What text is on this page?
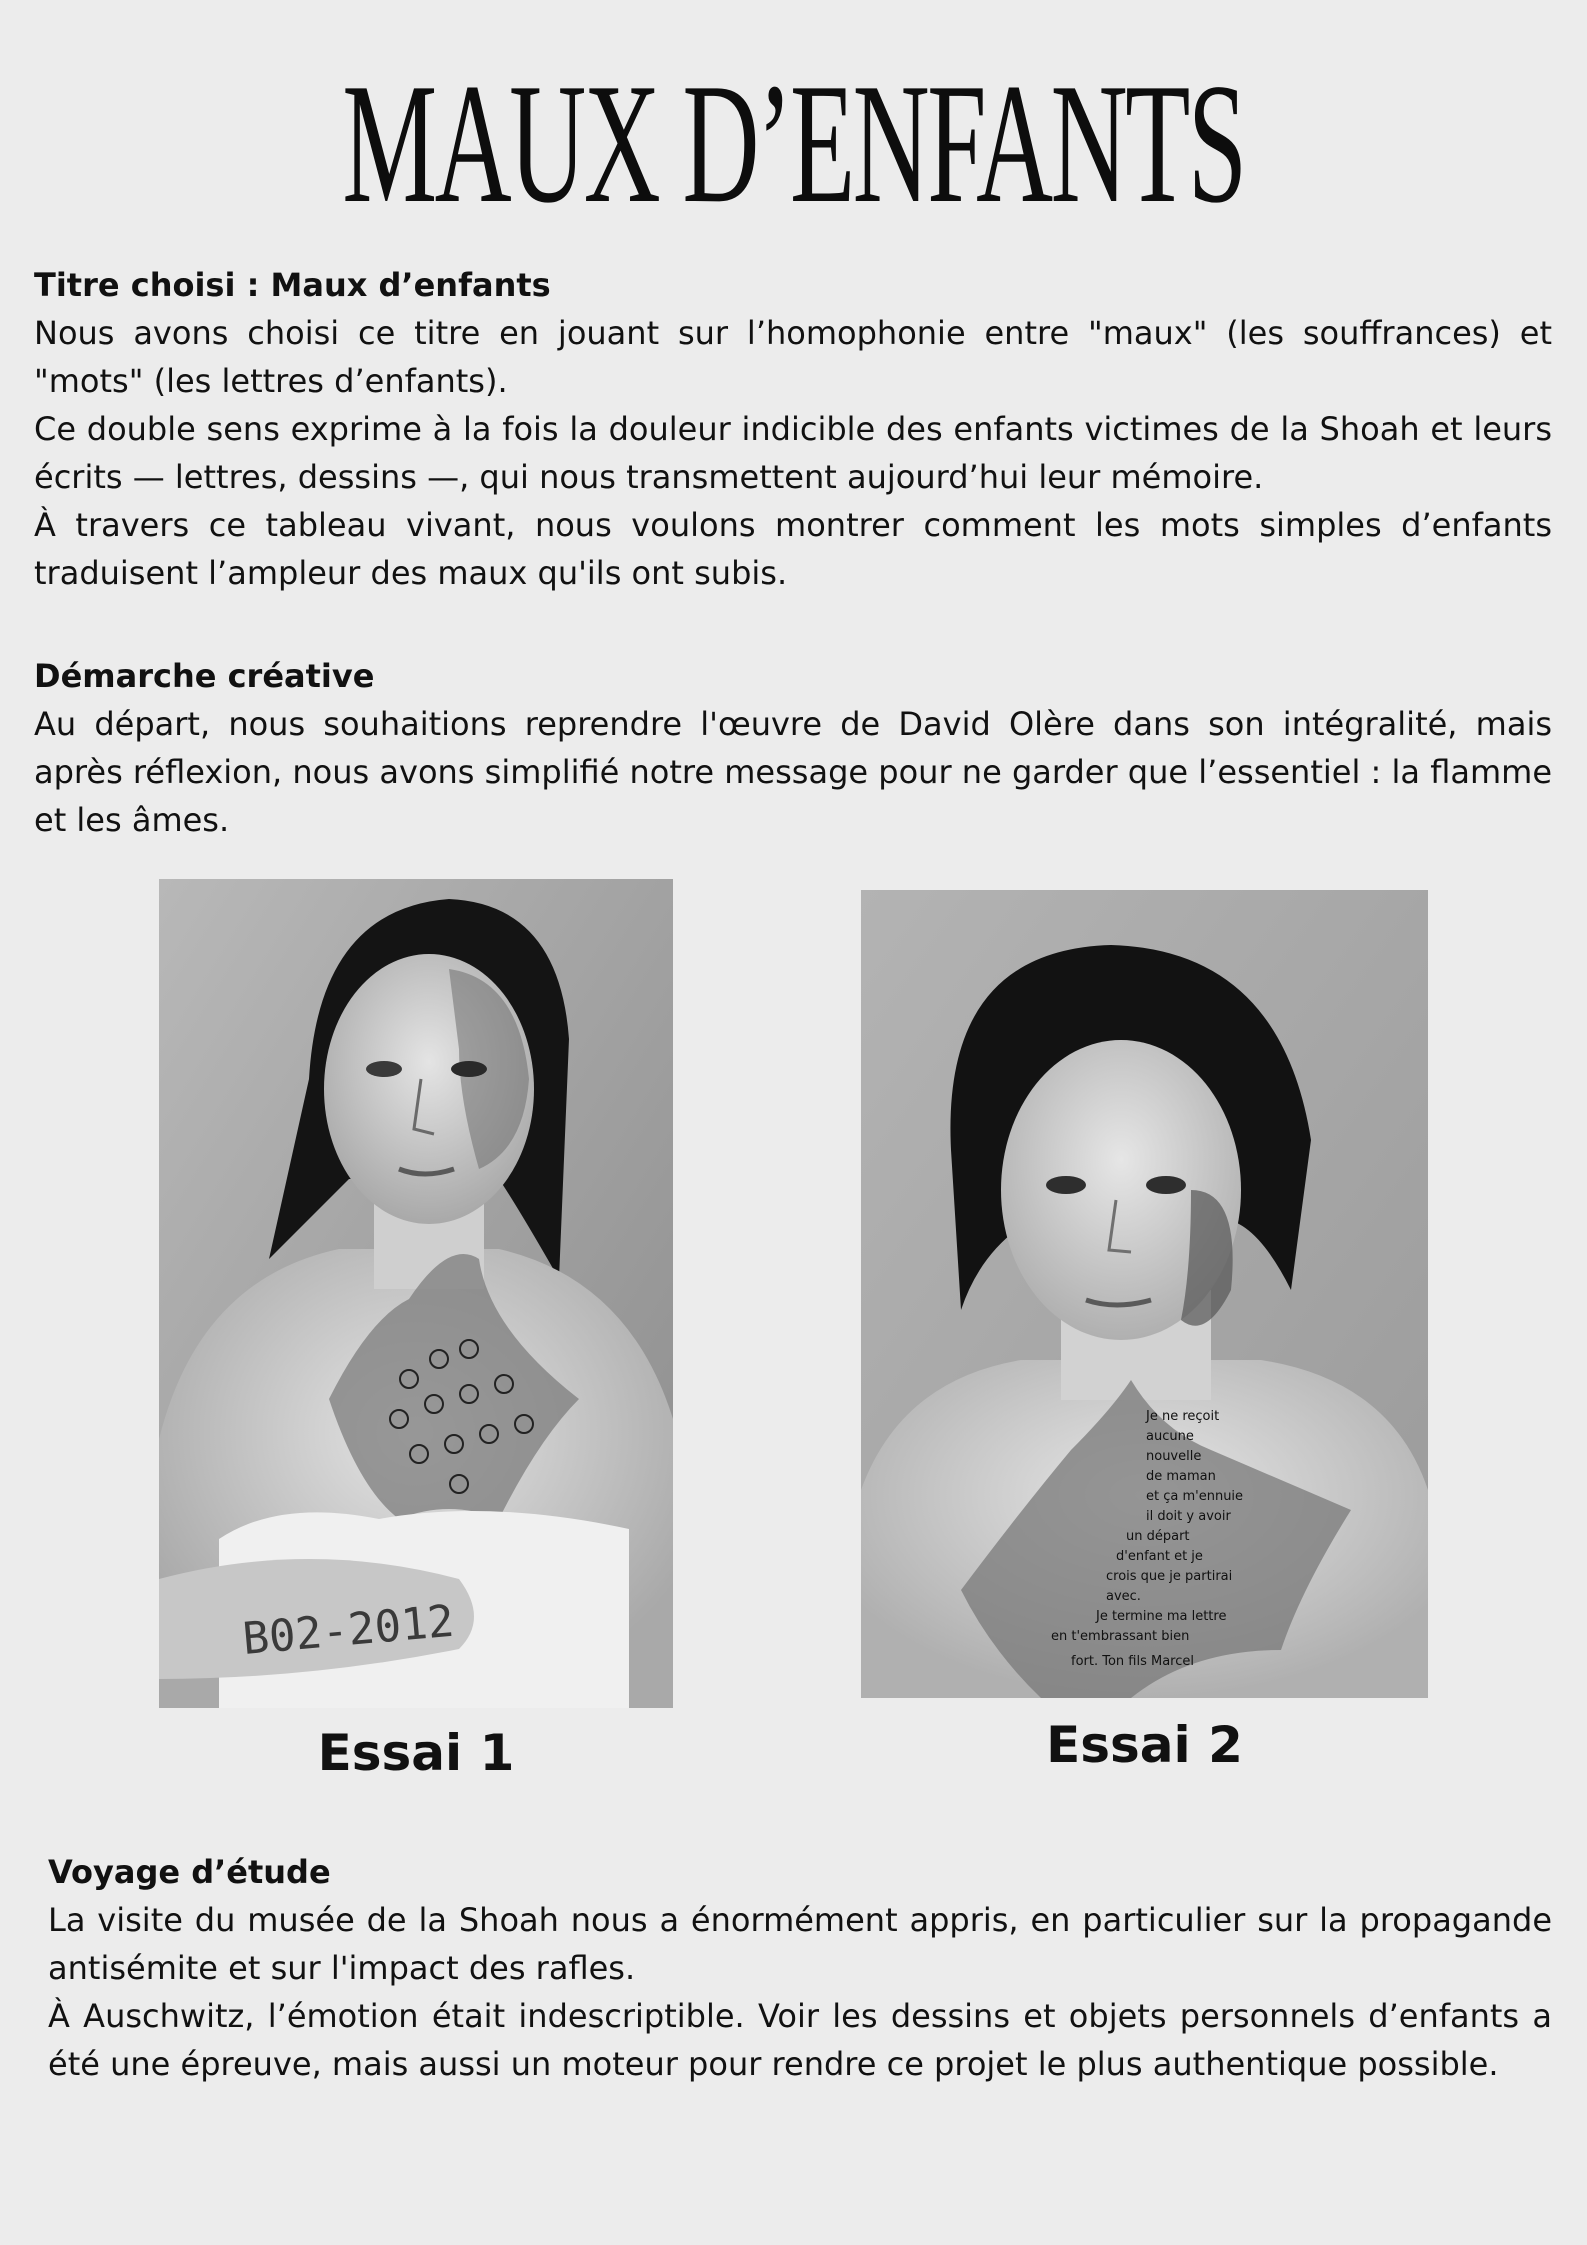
MAUX D’ENFANTS
Titre choisi : Maux d’enfants

Nous avons choisi ce titre en jouant sur l’homophonie entre "maux" (les souffrances) et "mots" (les lettres d’enfants).

Ce double sens exprime à la fois la douleur indicible des enfants victimes de la Shoah et leurs écrits — lettres, dessins —, qui nous transmettent aujourd’hui leur mémoire.

À travers ce tableau vivant, nous voulons montrer comment les mots simples d’enfants traduisent l’ampleur des maux qu'ils ont subis.

Démarche créative

Au départ, nous souhaitions reprendre l'œuvre de David Olère dans son intégralité, mais après réflexion, nous avons simplifié notre message pour ne garder que l’essentiel : la flamme et les âmes.

B02-2012
Je ne reçoit
aucune
nouvelle
de maman
et ça m'ennuie
il doit y avoir
un départ
d'enfant et je
crois que je partirai
avec.
Je termine ma lettre
en t'embrassant bien
fort. Ton fils Marcel

Essai 1	Essai 2

Voyage d’étude

La visite du musée de la Shoah nous a énormément appris, en particulier sur la propagande antisémite et sur l'impact des rafles.

À Auschwitz, l’émotion était indescriptible. Voir les dessins et objets personnels d’enfants a été une épreuve, mais aussi un moteur pour rendre ce projet le plus authentique possible.
